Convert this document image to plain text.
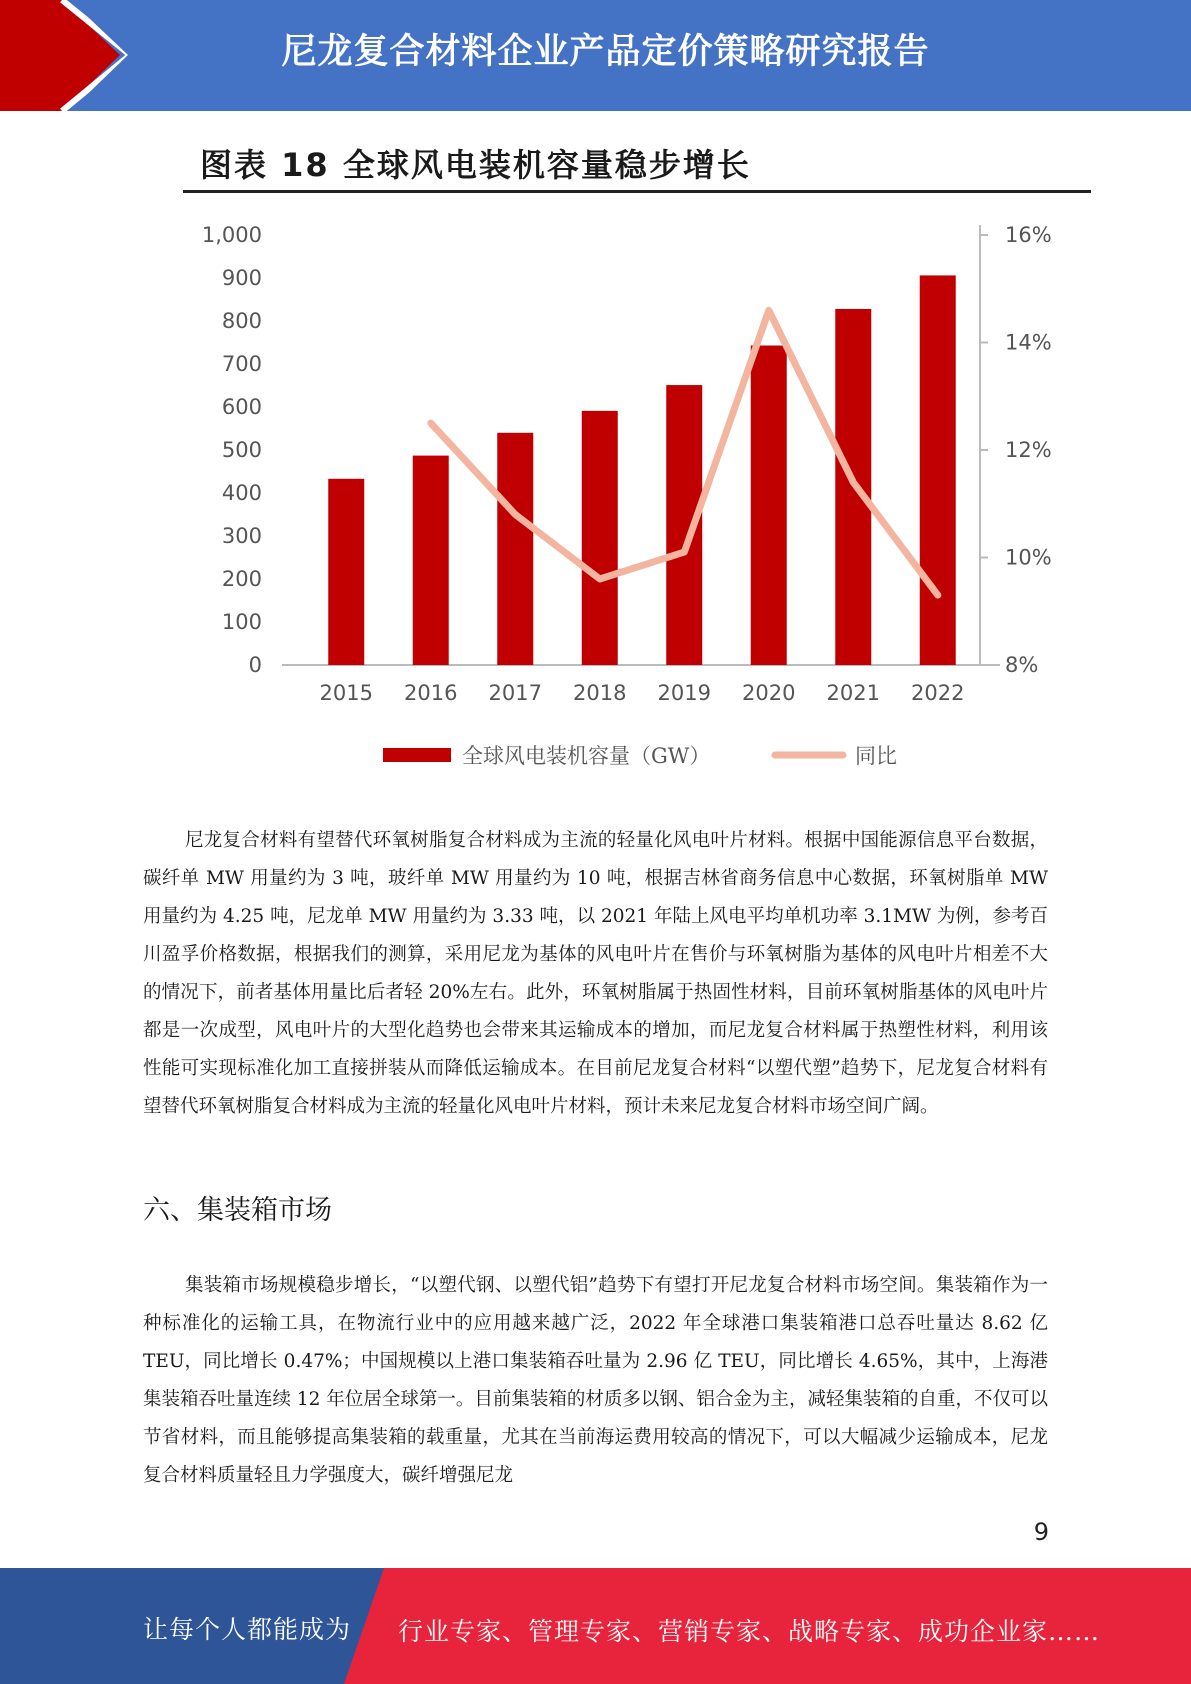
尼龙复合材料企业产品定价策略研究报告
图表 18 全球风电装机容量稳步增长
0
100
200
300
400
500
600
700
800
900
1,000
8%
10%
12%
14%
16%
2015 2016 2017 2018 2019 2020 2021 2022
全球风电装机容量（GW）	同比
尼龙复合材料有望替代环氧树脂复合材料成为主流的轻量化风电叶片材料。根据中国能源信息平台数据，碳纤单 MW 用量约为 3 吨，玻纤单 MW 用量约为 10 吨，根据吉林省商务信息中心数据，环氧树脂单 MW 用量约为 4.25 吨，尼龙单 MW 用量约为 3.33 吨，以 2021 年陆上风电平均单机功率 3.1MW 为例，参考百川盈孚价格数据，根据我们的测算，采用尼龙为基体的风电叶片在售价与环氧树脂为基体的风电叶片相差不大的情况下，前者基体用量比后者轻 20%左右。此外，环氧树脂属于热固性材料，目前环氧树脂基体的风电叶片都是一次成型，风电叶片的大型化趋势也会带来其运输成本的增加，而尼龙复合材料属于热塑性材料，利用该性能可实现标准化加工直接拼装从而降低运输成本。在目前尼龙复合材料“以塑代塑”趋势下，尼龙复合材料有望替代环氧树脂复合材料成为主流的轻量化风电叶片材料，预计未来尼龙复合材料市场空间广阔。
六、集装箱市场
集装箱市场规模稳步增长，“以塑代钢、以塑代铝”趋势下有望打开尼龙复合材料市场空间。集装箱作为一种标准化的运输工具，在物流行业中的应用越来越广泛，2022 年全球港口集装箱港口总吞吐量达 8.62 亿 TEU，同比增长 0.47%；中国规模以上港口集装箱吞吐量为 2.96 亿 TEU，同比增长 4.65%，其中，上海港集装箱吞吐量连续 12 年位居全球第一。目前集装箱的材质多以钢、铝合金为主，减轻集装箱的自重，不仅可以节省材料，而且能够提高集装箱的载重量，尤其在当前海运费用较高的情况下，可以大幅减少运输成本，尼龙复合材料质量轻且力学强度大，碳纤增强尼龙
9
让每个人都能成为 行业专家、管理专家、营销专家、战略专家、成功企业家……
